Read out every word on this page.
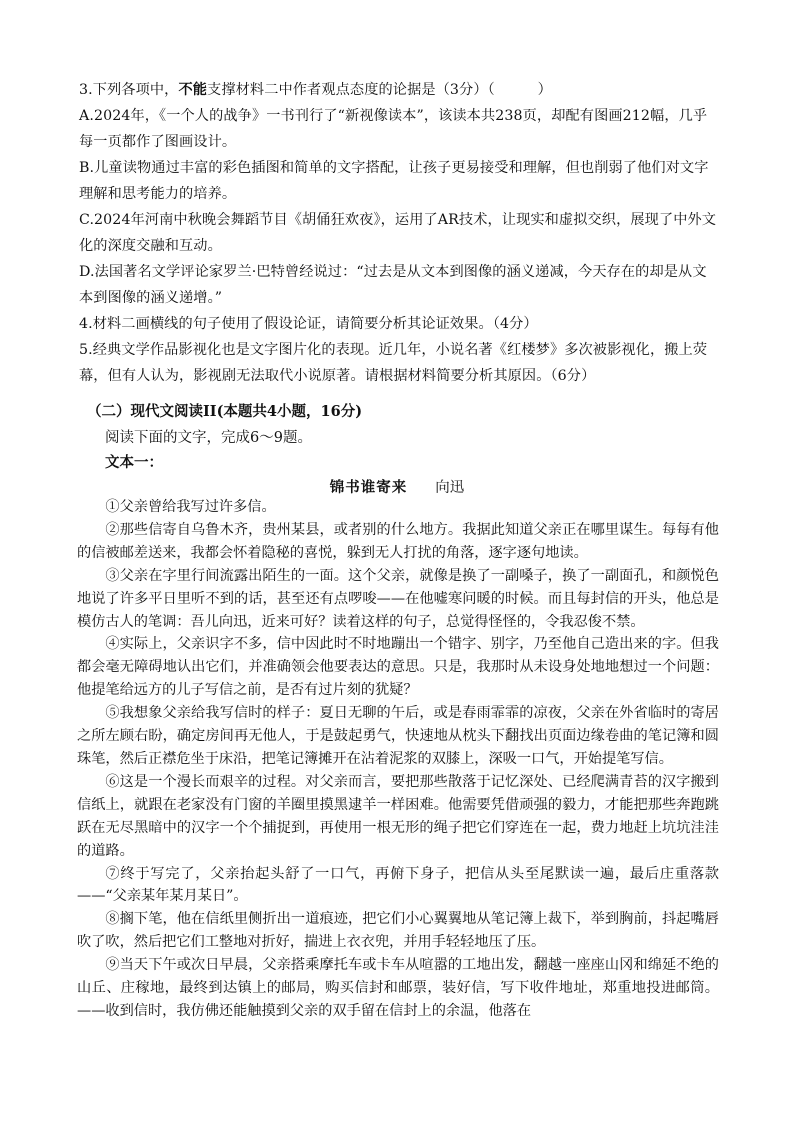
3.下列各项中，不能支撑材料二中作者观点态度的论据是（3分）（　　　）

A.2024年，《一个人的战争》一书刊行了“新视像读本”，该读本共238页，却配有图画212幅，几乎每一页都作了图画设计。

B.儿童读物通过丰富的彩色插图和简单的文字搭配，让孩子更易接受和理解，但也削弱了他们对文字理解和思考能力的培养。

C.2024年河南中秋晚会舞蹈节目《胡俑狂欢夜》，运用了AR技术，让现实和虚拟交织，展现了中外文化的深度交融和互动。

D.法国著名文学评论家罗兰·巴特曾经说过：“过去是从文本到图像的涵义递减，今天存在的却是从文本到图像的涵义递增。”

4.材料二画横线的句子使用了假设论证，请简要分析其论证效果。（4分）

5.经典文学作品影视化也是文字图片化的表现。近几年，小说名著《红楼梦》多次被影视化，搬上荧幕，但有人认为，影视剧无法取代小说原著。请根据材料简要分析其原因。（6分）

（二）现代文阅读II(本题共4小题，16分)

阅读下面的文字，完成6～9题。

文本一：

锦书谁寄来 向迅

①父亲曾给我写过许多信。

②那些信寄自乌鲁木齐，贵州某县，或者别的什么地方。我据此知道父亲正在哪里谋生。每每有他的信被邮差送来，我都会怀着隐秘的喜悦，躲到无人打扰的角落，逐字逐句地读。

③父亲在字里行间流露出陌生的一面。这个父亲，就像是换了一副嗓子，换了一副面孔，和颜悦色地说了许多平日里听不到的话，甚至还有点啰唆——在他嘘寒问暖的时候。而且每封信的开头，他总是模仿古人的笔调：吾儿向迅，近来可好？读着这样的句子，总觉得怪怪的，令我忍俊不禁。

④实际上，父亲识字不多，信中因此时不时地蹦出一个错字、别字，乃至他自己造出来的字。但我都会毫无障碍地认出它们，并准确领会他要表达的意思。只是，我那时从未设身处地地想过一个问题：他提笔给远方的儿子写信之前，是否有过片刻的犹疑？

⑤我想象父亲给我写信时的样子：夏日无聊的午后，或是春雨霏霏的凉夜，父亲在外省临时的寄居之所左顾右盼，确定房间再无他人，于是鼓起勇气，快速地从枕头下翻找出页面边缘卷曲的笔记簿和圆珠笔，然后正襟危坐于床沿，把笔记簿摊开在沾着泥浆的双膝上，深吸一口气，开始提笔写信。

⑥这是一个漫长而艰辛的过程。对父亲而言，要把那些散落于记忆深处、已经爬满青苔的汉字搬到信纸上，就跟在老家没有门窗的羊圈里摸黑逮羊一样困难。他需要凭借顽强的毅力，才能把那些奔跑跳跃在无尽黑暗中的汉字一个个捕捉到，再使用一根无形的绳子把它们穿连在一起，费力地赶上坑坑洼洼的道路。

⑦终于写完了，父亲抬起头舒了一口气，再俯下身子，把信从头至尾默读一遍，最后庄重落款——“父亲某年某月某日”。

⑧搁下笔，他在信纸里侧折出一道痕迹，把它们小心翼翼地从笔记簿上裁下，举到胸前，抖起嘴唇吹了吹，然后把它们工整地对折好，揣进上衣衣兜，并用手轻轻地压了压。

⑨当天下午或次日早晨，父亲搭乘摩托车或卡车从喧嚣的工地出发，翻越一座座山冈和绵延不绝的山丘、庄稼地，最终到达镇上的邮局，购买信封和邮票，装好信，写下收件地址，郑重地投进邮筒。——收到信时，我仿佛还能触摸到父亲的双手留在信封上的余温，他落在
